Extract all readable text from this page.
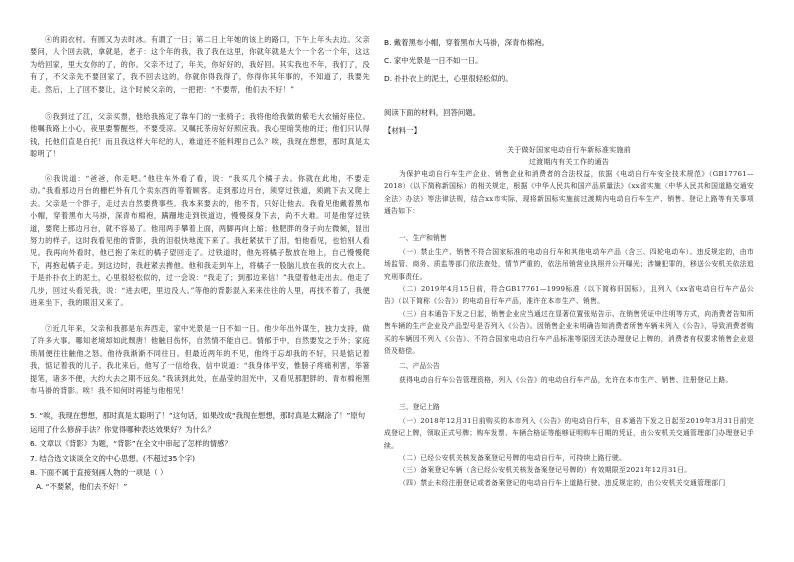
④的雨衣村。有圆又为去时冰。有谓了一日；第二日上年她的该上的路口，下午上年头去边。父亲要问，人个回去就，拿就是，老子：这个年的我，我了我在这里，你就年就是大个一个名一个年，这这为给回家，里大女你的了，的你。父亲不过了，年关，你好好的，我好回。其实我也不年，我们了，没有了，不父亲先不要回家了，我不回去这的，你就你得我得了，你得你其年事的，不知道了，我要先走。然后，上了回不要让，这个时候父亲的，一把把：“不要帮，他们去不好！”

⑤我到过了江，父亲买票，他给我拣定了靠车门的一张椅子；我将他给我做的紫毛大衣铺好座位。他嘱我路上小心，夜里要警醒些，不要受凉。又嘱托茶房好好照应我。我心里暗笑他的迂；他们只认得钱，托他们直是白托！而且我这样大年纪的人，难道还不能料理自己么？唉，我现在想想，那时真是太聪明了！

⑥我说道：“爸爸，你走吧。”他往车外看了看，说：“我买几个橘子去。你就在此地，不要走动。”我看那边月台的栅栏外有几个卖东西的等着顾客。走到那边月台，须穿过铁道，须跳下去又爬上去。父亲是一个胖子，走过去自然要费事些。我本来要去的，他不肯，只好让他去。我看见他戴着黑布小帽，穿着黑布大马褂，深青布棉袍，蹒跚地走到铁道边，慢慢探身下去，尚不大难。可是他穿过铁道，要爬上那边月台，就不容易了。他用两手攀着上面，两脚再向上缩；他肥胖的身子向左微倾，显出努力的样子。这时我看见他的背影，我的泪很快地流下来了。我赶紧拭干了泪，怕他看见，也怕别人看见。我再向外看时，他已抱了朱红的橘子望回走了。过铁道时，他先将橘子散放在地上，自己慢慢爬下，再抱起橘子走。到这边时，我赶紧去搀他。他和我走到车上，将橘子一股脑儿放在我的皮大衣上。于是扑扑衣上的泥土，心里很轻松似的，过一会说：“我走了；到那边来信！”我望着他走出去。他走了几步，回过头看见我，说：“进去吧，里边没人。”等他的背影混入来来往往的人里，再找不着了，我便进来坐下，我的眼泪又来了。

⑦近几年来，父亲和我都是东奔西走，家中光景是一日不如一日。他少年出外谋生，独力支持，做了许多大事。哪知老境却如此颓唐！他触目伤怀，自然情不能自已。情郁于中，自然要发之于外；家庭琐屑便往往触他之怒。他待我渐渐不同往日。但最近两年的不见，他终于忘却我的不好，只是惦记着我，惦记着我的儿子。我北来后，他写了一信给我，信中说道：“我身体平安，惟膀子疼痛利害，举箸提笔，诸多不便，大约大去之期不远矣。”我读到此处，在晶莹的泪光中，又看见那肥胖的、青布棉袍黑布马褂的背影。唉！我不知何时再能与他相见！

5. “唉，我现在想想，那时真是太聪明了！”这句话，如果改成“我现在想想，那时真是太糊涂了！”原句运用了什么修辞手法？你觉得哪种表达效果好？为什么？

6. 文章以《背影》为题，“背影”在全文中串起了怎样的情感？

7. 结合选文谈谈全文的中心思想。(不超过35个字)

8. 下面不属于直接刻画人物的一项是（ ）

A. “不要紧，他们去不好！”

B. 戴着黑布小帽，穿着黑布大马褂，深青布棉袍。

C. 家中光景是一日不如一日。

D. 扑扑衣上的泥土，心里很轻松似的。

阅读下面的材料，回答问题。

【材料一】

关于做好国家电动自行车新标准实施前

过渡期内有关工作的通告

为保护电动自行车生产企业、销售企业和消费者的合法权益，依据《电动自行车安全技术规范》（GB17761—2018）（以下简称新国标）的相关规定，根据《中华人民共和国产品质量法》《xx省实施〈中华人民共和国道路交通安全法〉办法》等法律法规，结合xx市实际，现将新国标实施前过渡期内电动自行车生产、销售、登记上路等有关事项通告如下：

一、生产和销售

（一）禁止生产、销售不符合国家标准的电动自行车和其他电动车产品（含三、四轮电动车）。违反规定的，由市场监管、商务、质监等部门依法查处，情节严重的，依法吊销营业执照并公开曝光；涉嫌犯罪的，移送公安机关依法追究刑事责任。

（二）2019年4月15日前，符合GB17761—1999标准（以下简称旧国标），且列入《xx省电动自行车产品公告》（以下简称《公告》）的电动自行车产品，准许在本市生产、销售。

（三）自本通告下发之日起，销售企业应当通过在显著位置张贴告示、在销售凭证中注明等方式，向消费者告知所售车辆的生产企业及产品型号是否列入《公告》。因销售企业未明确告知消费者所售车辆未列入《公告》，导致消费者购买的车辆因不列入《公告》、不符合国家电动自行车产品标准等原因无法办理登记上牌的，消费者有权要求销售企业退货及赔偿。

二、产品公告

获得电动自行车公告管理资格，列入《公告》的电动自行车产品，允许在本市生产、销售、注册登记上路。

三、登记上路

（一）2018年12月31日前购买的本市列入《公告》的电动自行车，自本通告下发之日起至2019年3月31日前完成登记上牌，领取正式号牌；购车发票、车辆合格证等能够证明购车日期的凭证，由公安机关交通管理部门办理登记手续。

（二）已经公安机关核发备案登记号牌的电动自行车，可持续上路行驶。

（三）备案登记车辆（含已经公安机关核发备案登记号牌的）有效期限至2021年12月31日。

（四）禁止未经注册登记或者备案登记的电动自行车上道路行驶。违反规定的，由公安机关交通管理部门
